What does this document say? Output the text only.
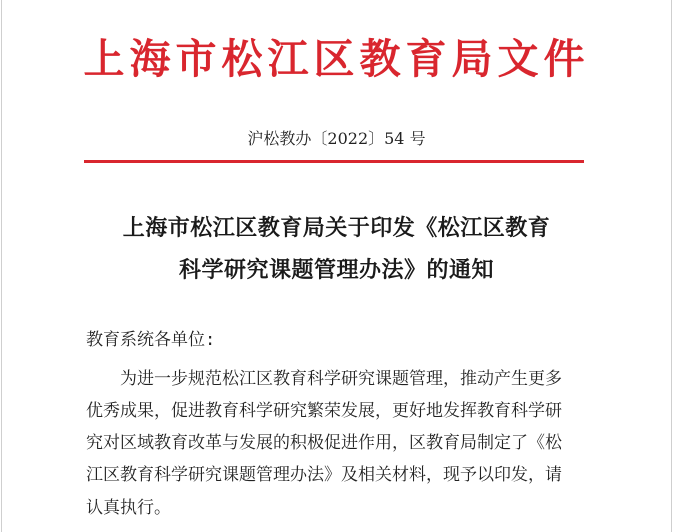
上海市松江区教育局文件
沪松教办〔2022〕54 号
上海市松江区教育局关于印发《松江区教育
科学研究课题管理办法》的通知
教育系统各单位:
为进一步规范松江区教育科学研究课题管理，推动产生更多
优秀成果，促进教育科学研究繁荣发展，更好地发挥教育科学研
究对区域教育改革与发展的积极促进作用，区教育局制定了《松
江区教育科学研究课题管理办法》及相关材料，现予以印发，请
认真执行。
